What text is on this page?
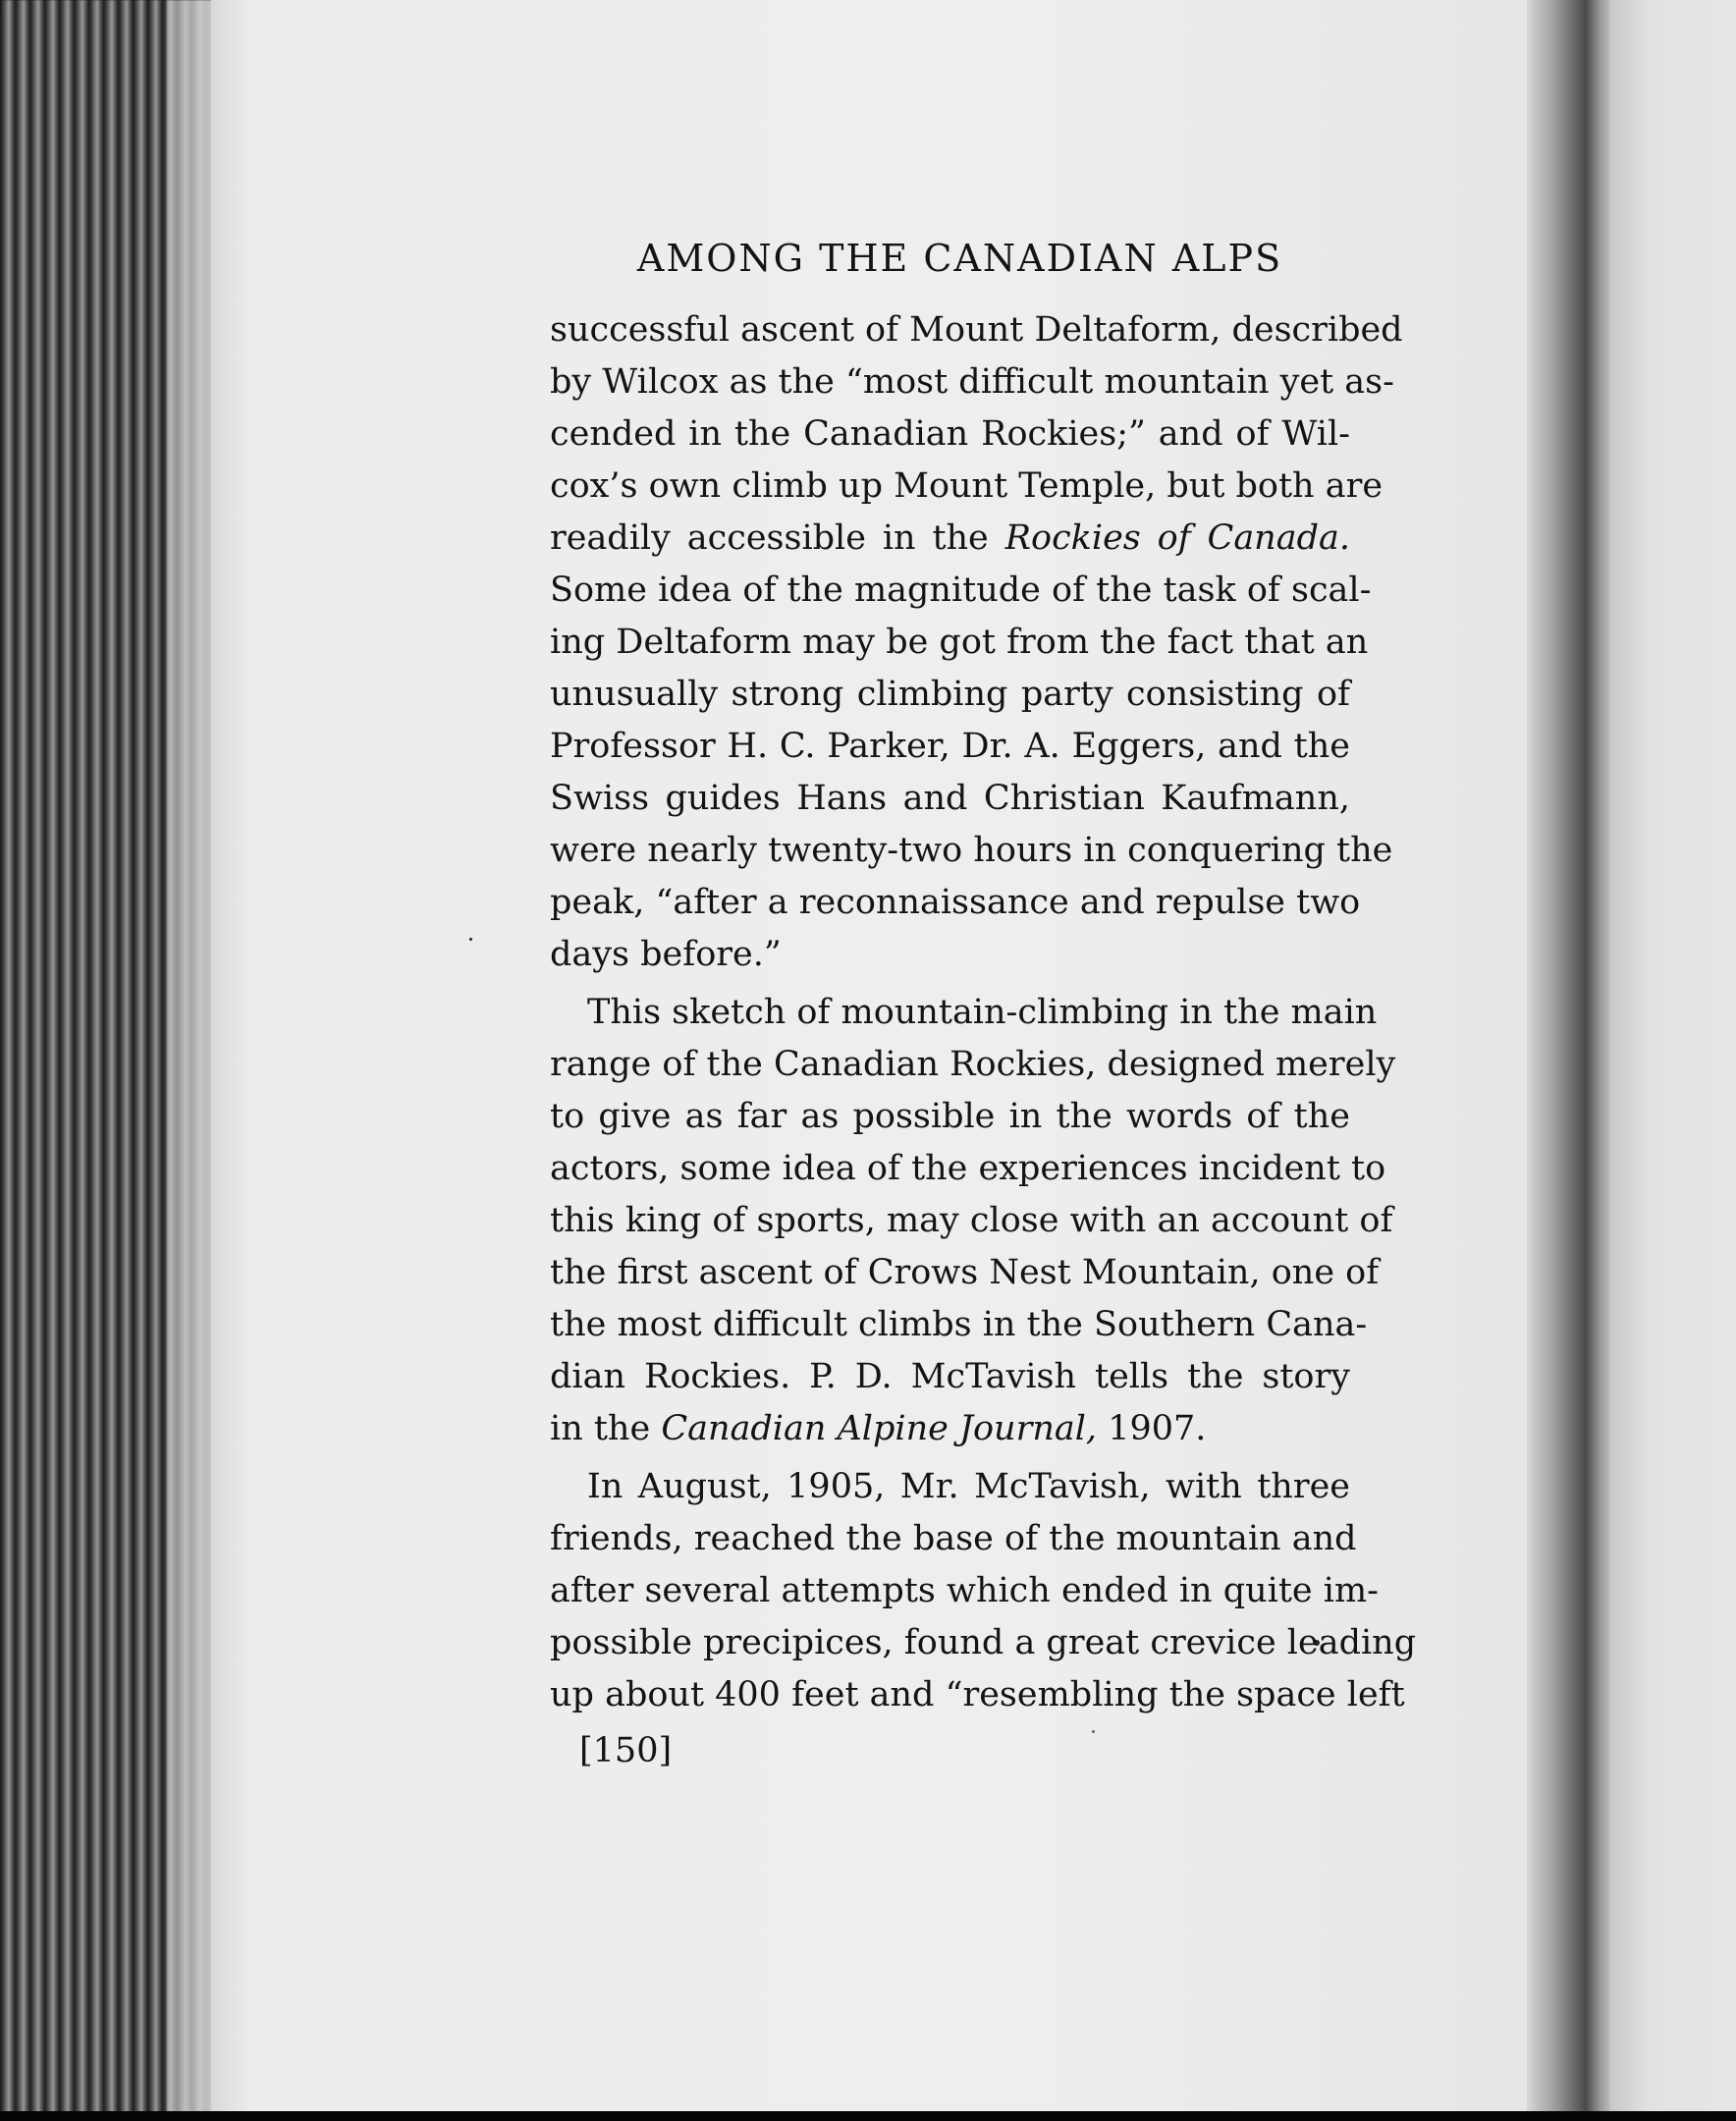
AMONG THE CANADIAN ALPS
successful ascent of Mount Deltaform, described
by Wilcox as the “most difficult mountain yet as-
cended in the Canadian Rockies;” and of Wil-
cox’s own climb up Mount Temple, but both are
readily accessible in the Rockies of Canada.
Some idea of the magnitude of the task of scal-
ing Deltaform may be got from the fact that an
unusually strong climbing party consisting of
Professor H. C. Parker, Dr. A. Eggers, and the
Swiss guides Hans and Christian Kaufmann,
were nearly twenty-two hours in conquering the
peak, “after a reconnaissance and repulse two
days before.”
This sketch of mountain-climbing in the main
range of the Canadian Rockies, designed merely
to give as far as possible in the words of the
actors, some idea of the experiences incident to
this king of sports, may close with an account of
the first ascent of Crows Nest Mountain, one of
the most difficult climbs in the Southern Cana-
dian Rockies. P. D. McTavish tells the story
in the Canadian Alpine Journal, 1907.
In August, 1905, Mr. McTavish, with three
friends, reached the base of the mountain and
after several attempts which ended in quite im-
possible precipices, found a great crevice leading
up about 400 feet and “resembling the space left
[150]
